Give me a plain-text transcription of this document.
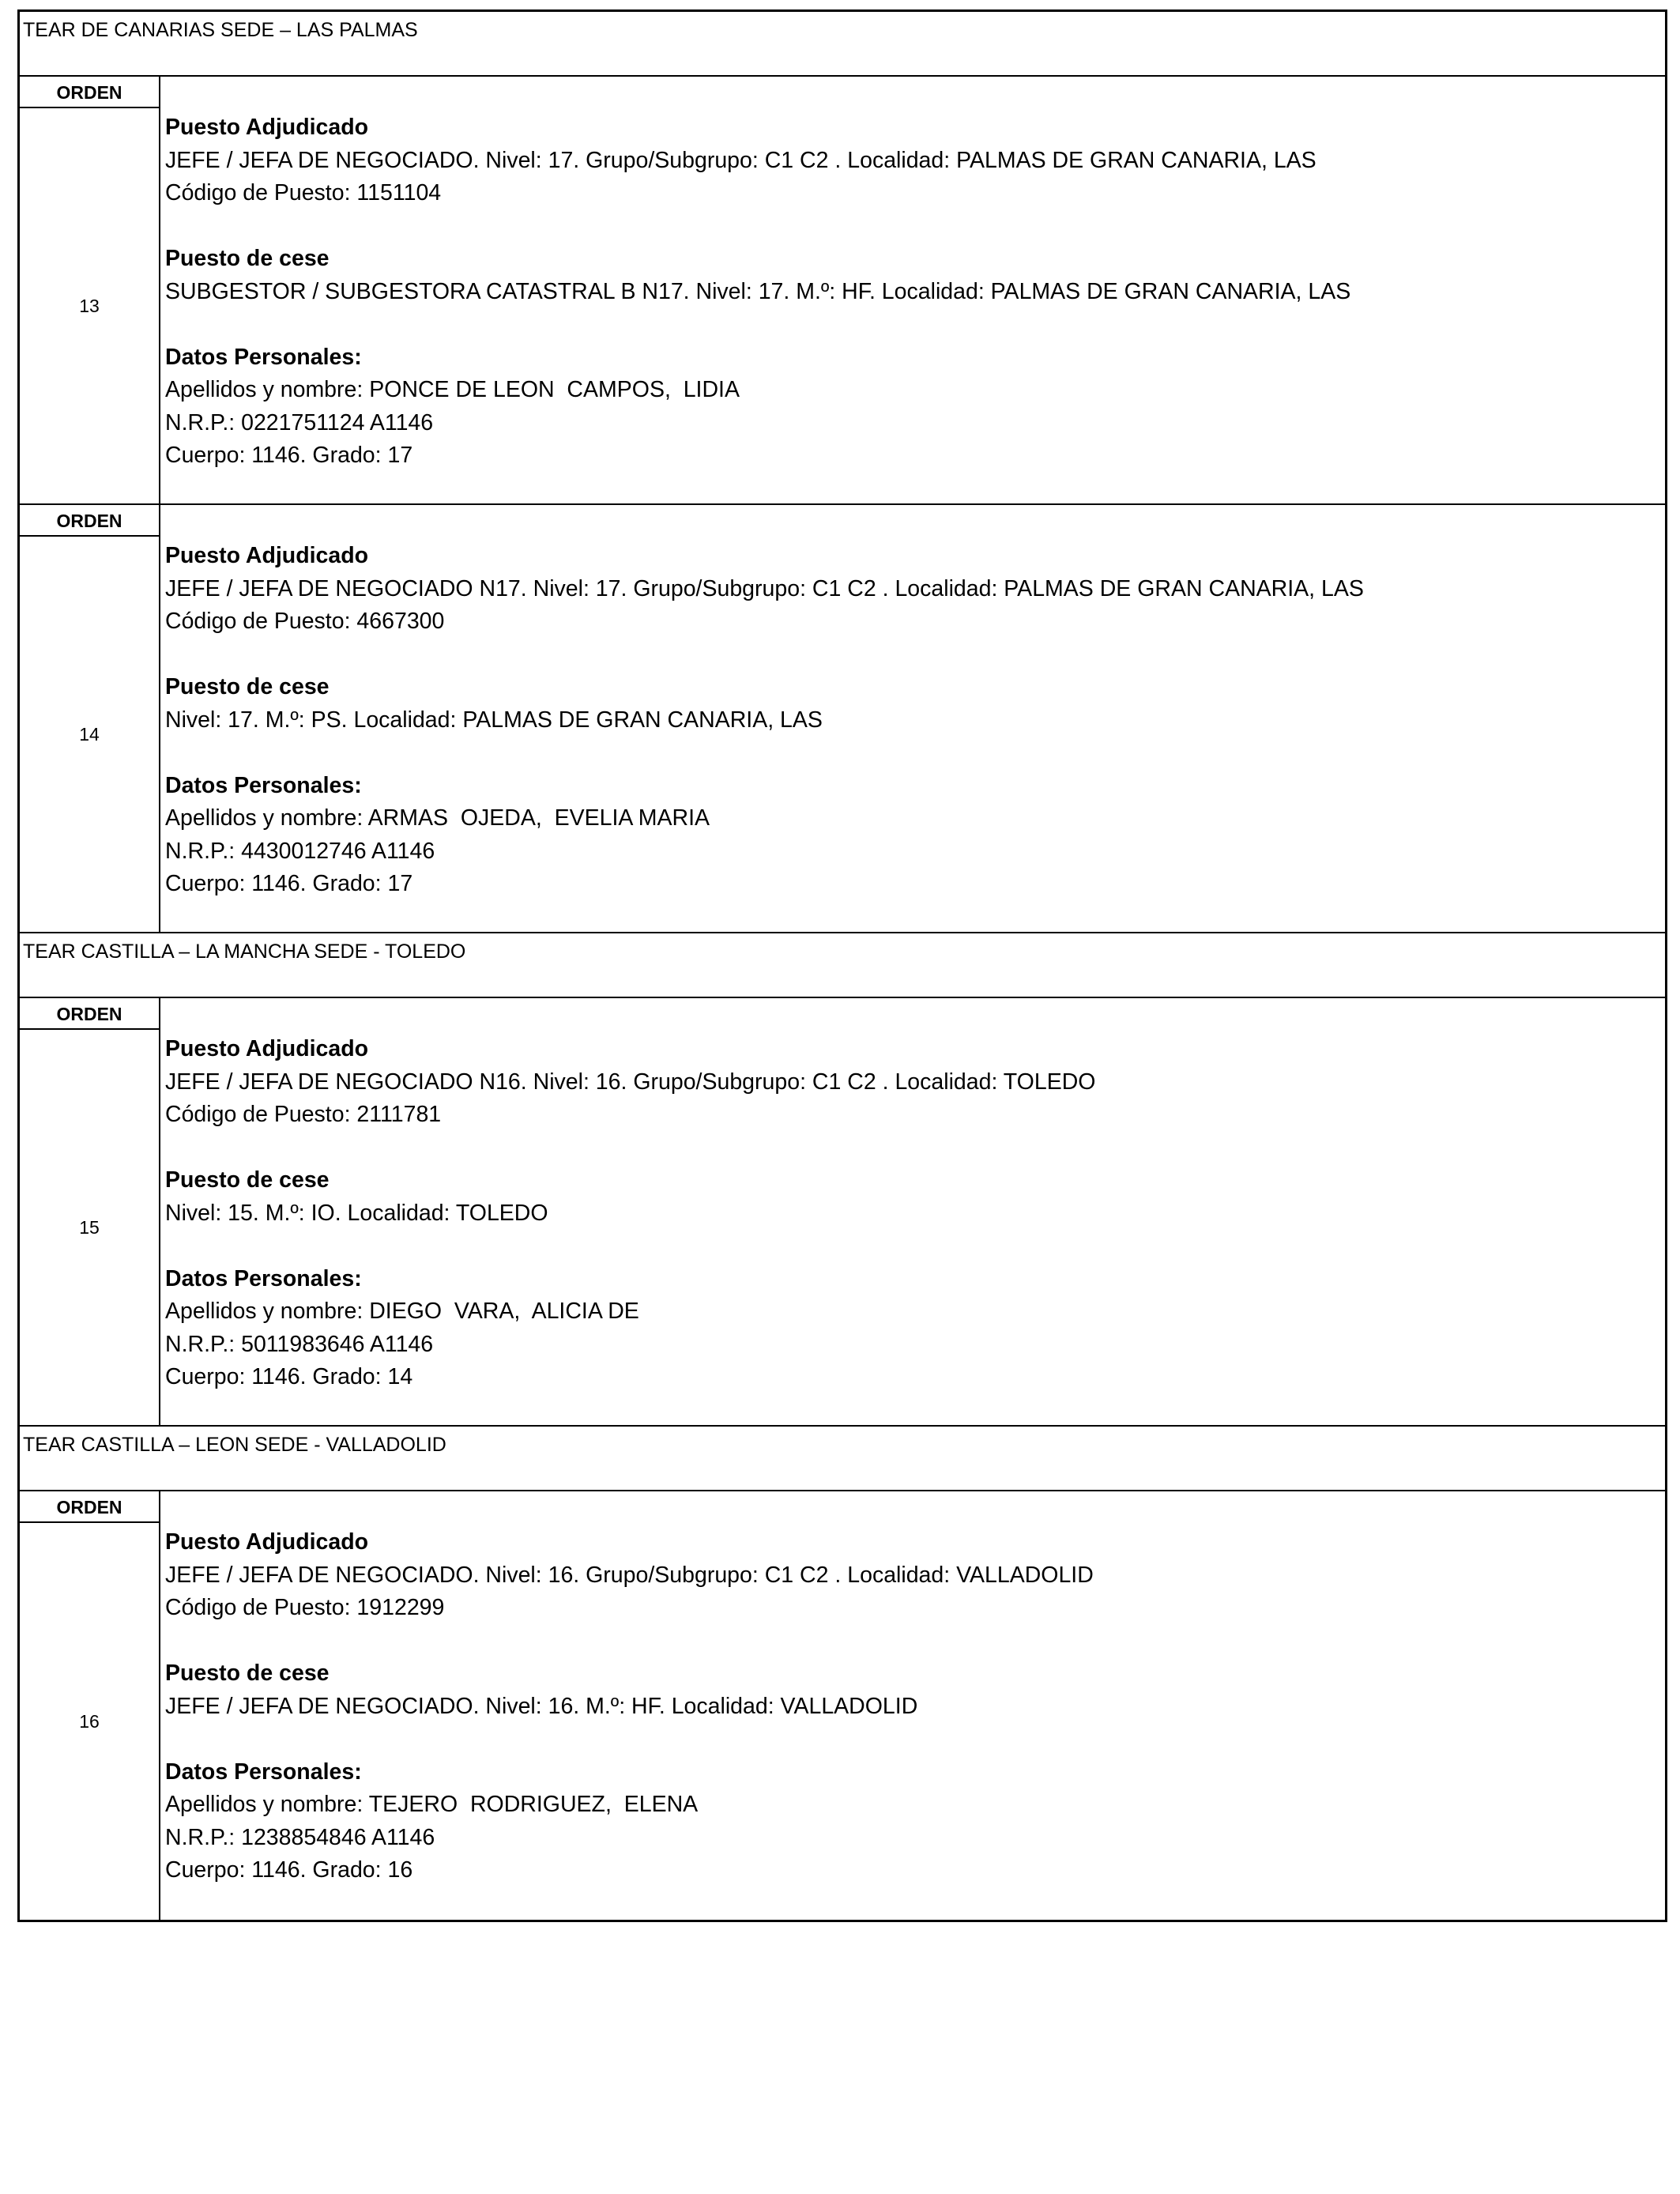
TEAR DE CANARIAS SEDE – LAS PALMAS
ORDEN
13
Puesto Adjudicado
JEFE / JEFA DE NEGOCIADO. Nivel: 17. Grupo/Subgrupo: C1 C2 . Localidad: PALMAS DE GRAN CANARIA, LAS
Código de Puesto: 1151104
Puesto de cese
SUBGESTOR / SUBGESTORA CATASTRAL B N17. Nivel: 17. M.º: HF. Localidad: PALMAS DE GRAN CANARIA, LAS
Datos Personales:
Apellidos y nombre: PONCE DE LEON  CAMPOS,  LIDIA
N.R.P.: 0221751124 A1146
Cuerpo: 1146. Grado: 17
ORDEN
14
Puesto Adjudicado
JEFE / JEFA DE NEGOCIADO N17. Nivel: 17. Grupo/Subgrupo: C1 C2 . Localidad: PALMAS DE GRAN CANARIA, LAS
Código de Puesto: 4667300
Puesto de cese
Nivel: 17. M.º: PS. Localidad: PALMAS DE GRAN CANARIA, LAS
Datos Personales:
Apellidos y nombre: ARMAS  OJEDA,  EVELIA MARIA
N.R.P.: 4430012746 A1146
Cuerpo: 1146. Grado: 17
TEAR CASTILLA – LA MANCHA SEDE - TOLEDO
ORDEN
15
Puesto Adjudicado
JEFE / JEFA DE NEGOCIADO N16. Nivel: 16. Grupo/Subgrupo: C1 C2 . Localidad: TOLEDO
Código de Puesto: 2111781
Puesto de cese
Nivel: 15. M.º: IO. Localidad: TOLEDO
Datos Personales:
Apellidos y nombre: DIEGO  VARA,  ALICIA DE
N.R.P.: 5011983646 A1146
Cuerpo: 1146. Grado: 14
TEAR CASTILLA – LEON SEDE - VALLADOLID
ORDEN
16
Puesto Adjudicado
JEFE / JEFA DE NEGOCIADO. Nivel: 16. Grupo/Subgrupo: C1 C2 . Localidad: VALLADOLID
Código de Puesto: 1912299
Puesto de cese
JEFE / JEFA DE NEGOCIADO. Nivel: 16. M.º: HF. Localidad: VALLADOLID
Datos Personales:
Apellidos y nombre: TEJERO  RODRIGUEZ,  ELENA
N.R.P.: 1238854846 A1146
Cuerpo: 1146. Grado: 16
